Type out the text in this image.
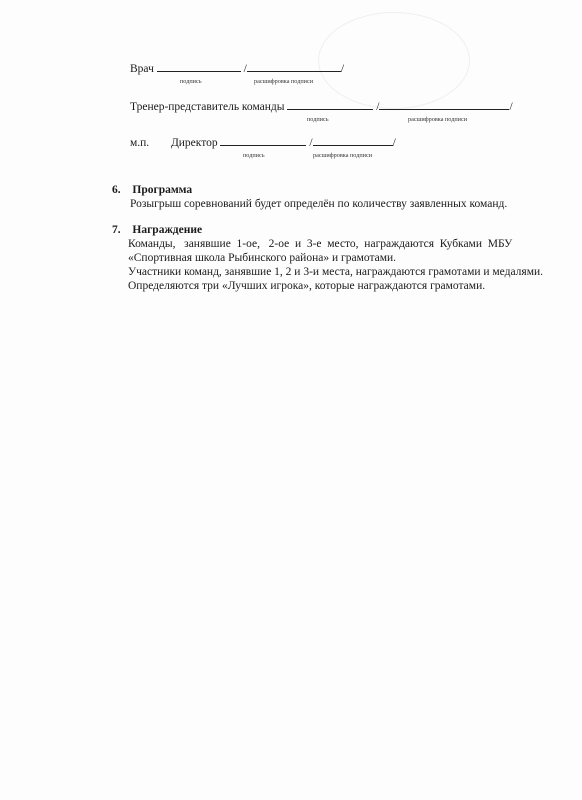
Врач	/	/
подпись	расшифровка подписи
Тренер-представитель команды	/	/
подпись	расшифровка подписи
м.п. Директор	/	/
подпись	расшифровка подписи
6. Программа
Розыгрыш соревнований будет определён по количеству заявленных команд.
7. Награждение
Команды,   занявшие  1-ое,   2-ое  и  3-е  место,  награждаются  Кубками  МБУ
«Спортивная школа Рыбинского района» и грамотами.
Участники команд, занявшие 1, 2 и 3-и места, награждаются грамотами и медалями.
Определяются три «Лучших игрока», которые награждаются грамотами.
